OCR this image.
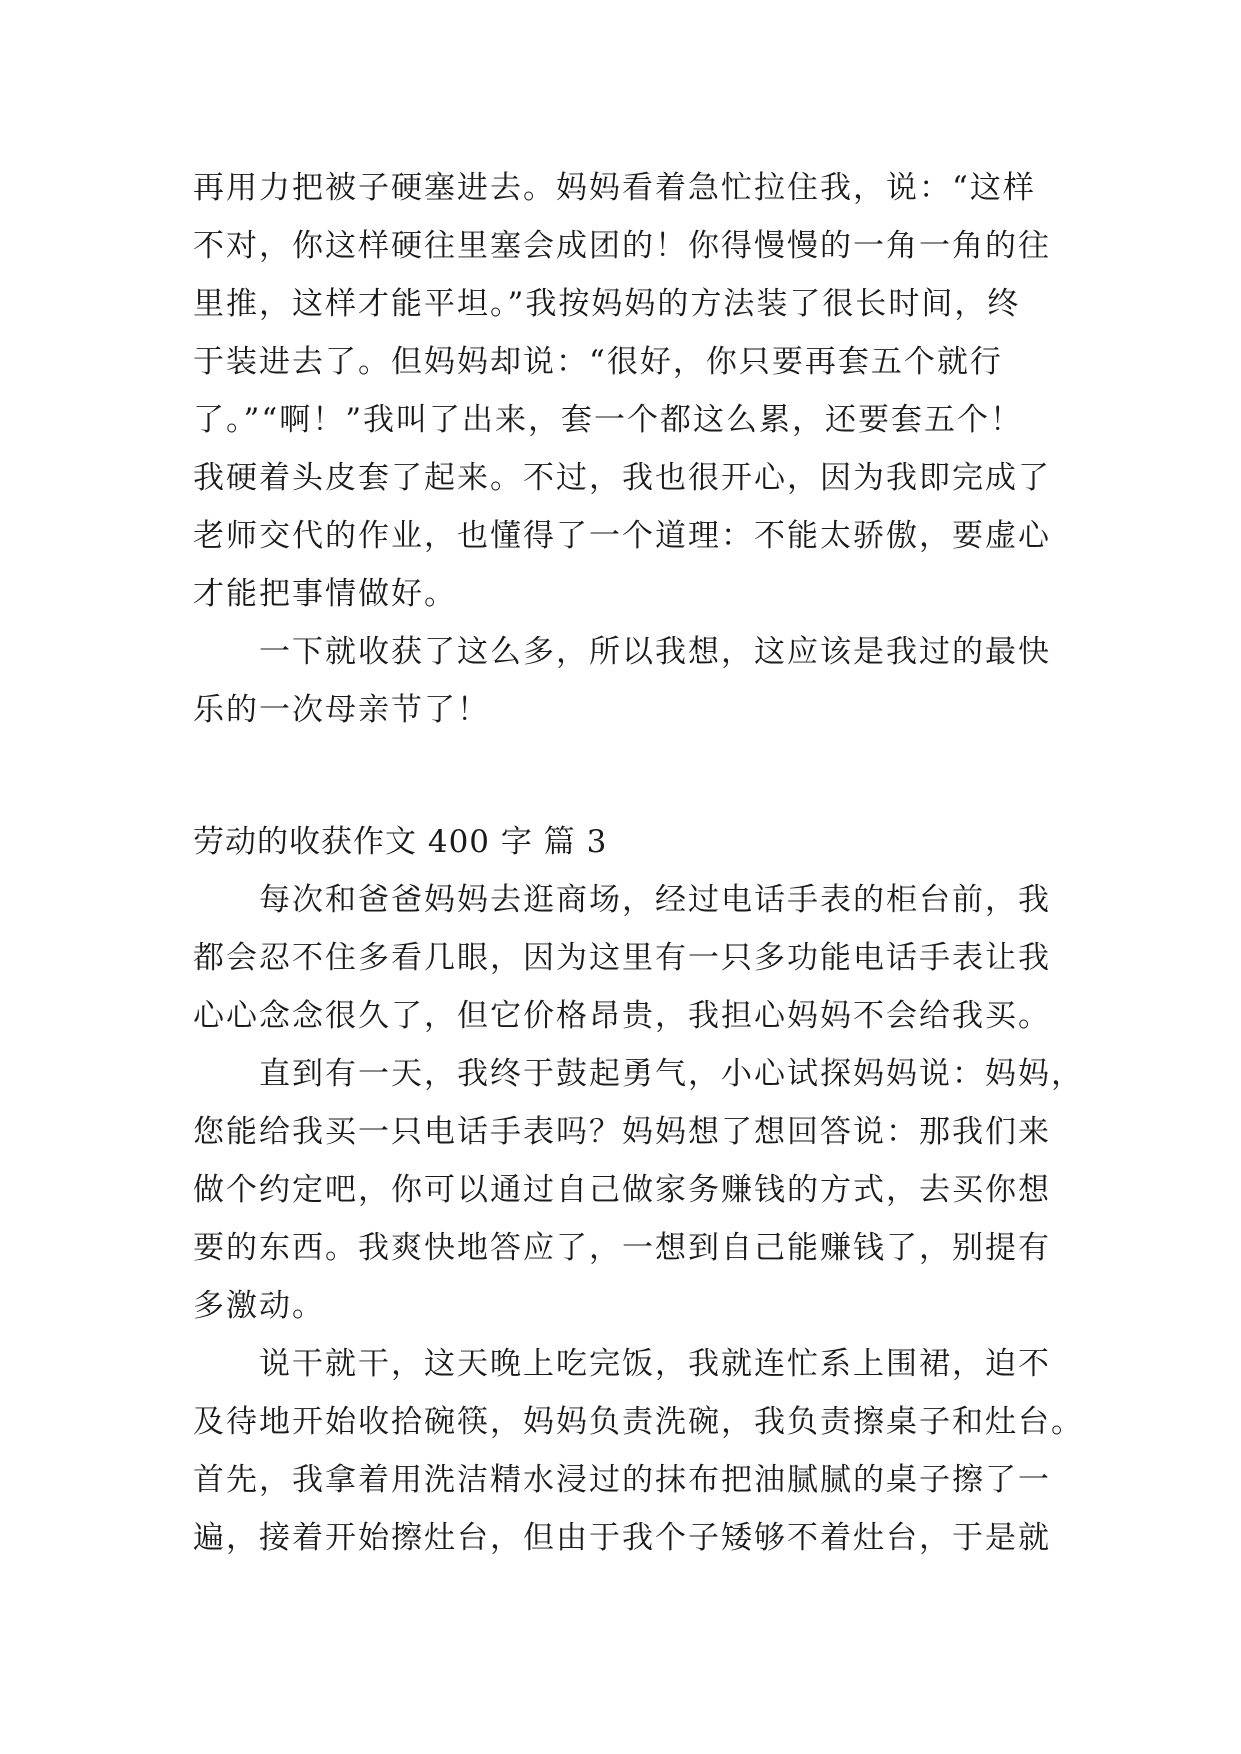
再用力把被子硬塞进去。妈妈看着急忙拉住我，说：“这样
不对，你这样硬往里塞会成团的！你得慢慢的一角一角的往
里推，这样才能平坦。”我按妈妈的方法装了很长时间，终
于装进去了。但妈妈却说：“很好，你只要再套五个就行
了。”“啊！”我叫了出来，套一个都这么累，还要套五个！
我硬着头皮套了起来。不过，我也很开心，因为我即完成了
老师交代的作业，也懂得了一个道理：不能太骄傲，要虚心
才能把事情做好。
一下就收获了这么多，所以我想，这应该是我过的最快
乐的一次母亲节了！
劳动的收获作文 400 字 篇 3
每次和爸爸妈妈去逛商场，经过电话手表的柜台前，我
都会忍不住多看几眼，因为这里有一只多功能电话手表让我
心心念念很久了，但它价格昂贵，我担心妈妈不会给我买。
直到有一天，我终于鼓起勇气，小心试探妈妈说：妈妈，
您能给我买一只电话手表吗？妈妈想了想回答说：那我们来
做个约定吧，你可以通过自己做家务赚钱的方式，去买你想
要的东西。我爽快地答应了，一想到自己能赚钱了，别提有
多激动。
说干就干，这天晚上吃完饭，我就连忙系上围裙，迫不
及待地开始收拾碗筷，妈妈负责洗碗，我负责擦桌子和灶台。
首先，我拿着用洗洁精水浸过的抹布把油腻腻的桌子擦了一
遍，接着开始擦灶台，但由于我个子矮够不着灶台，于是就
